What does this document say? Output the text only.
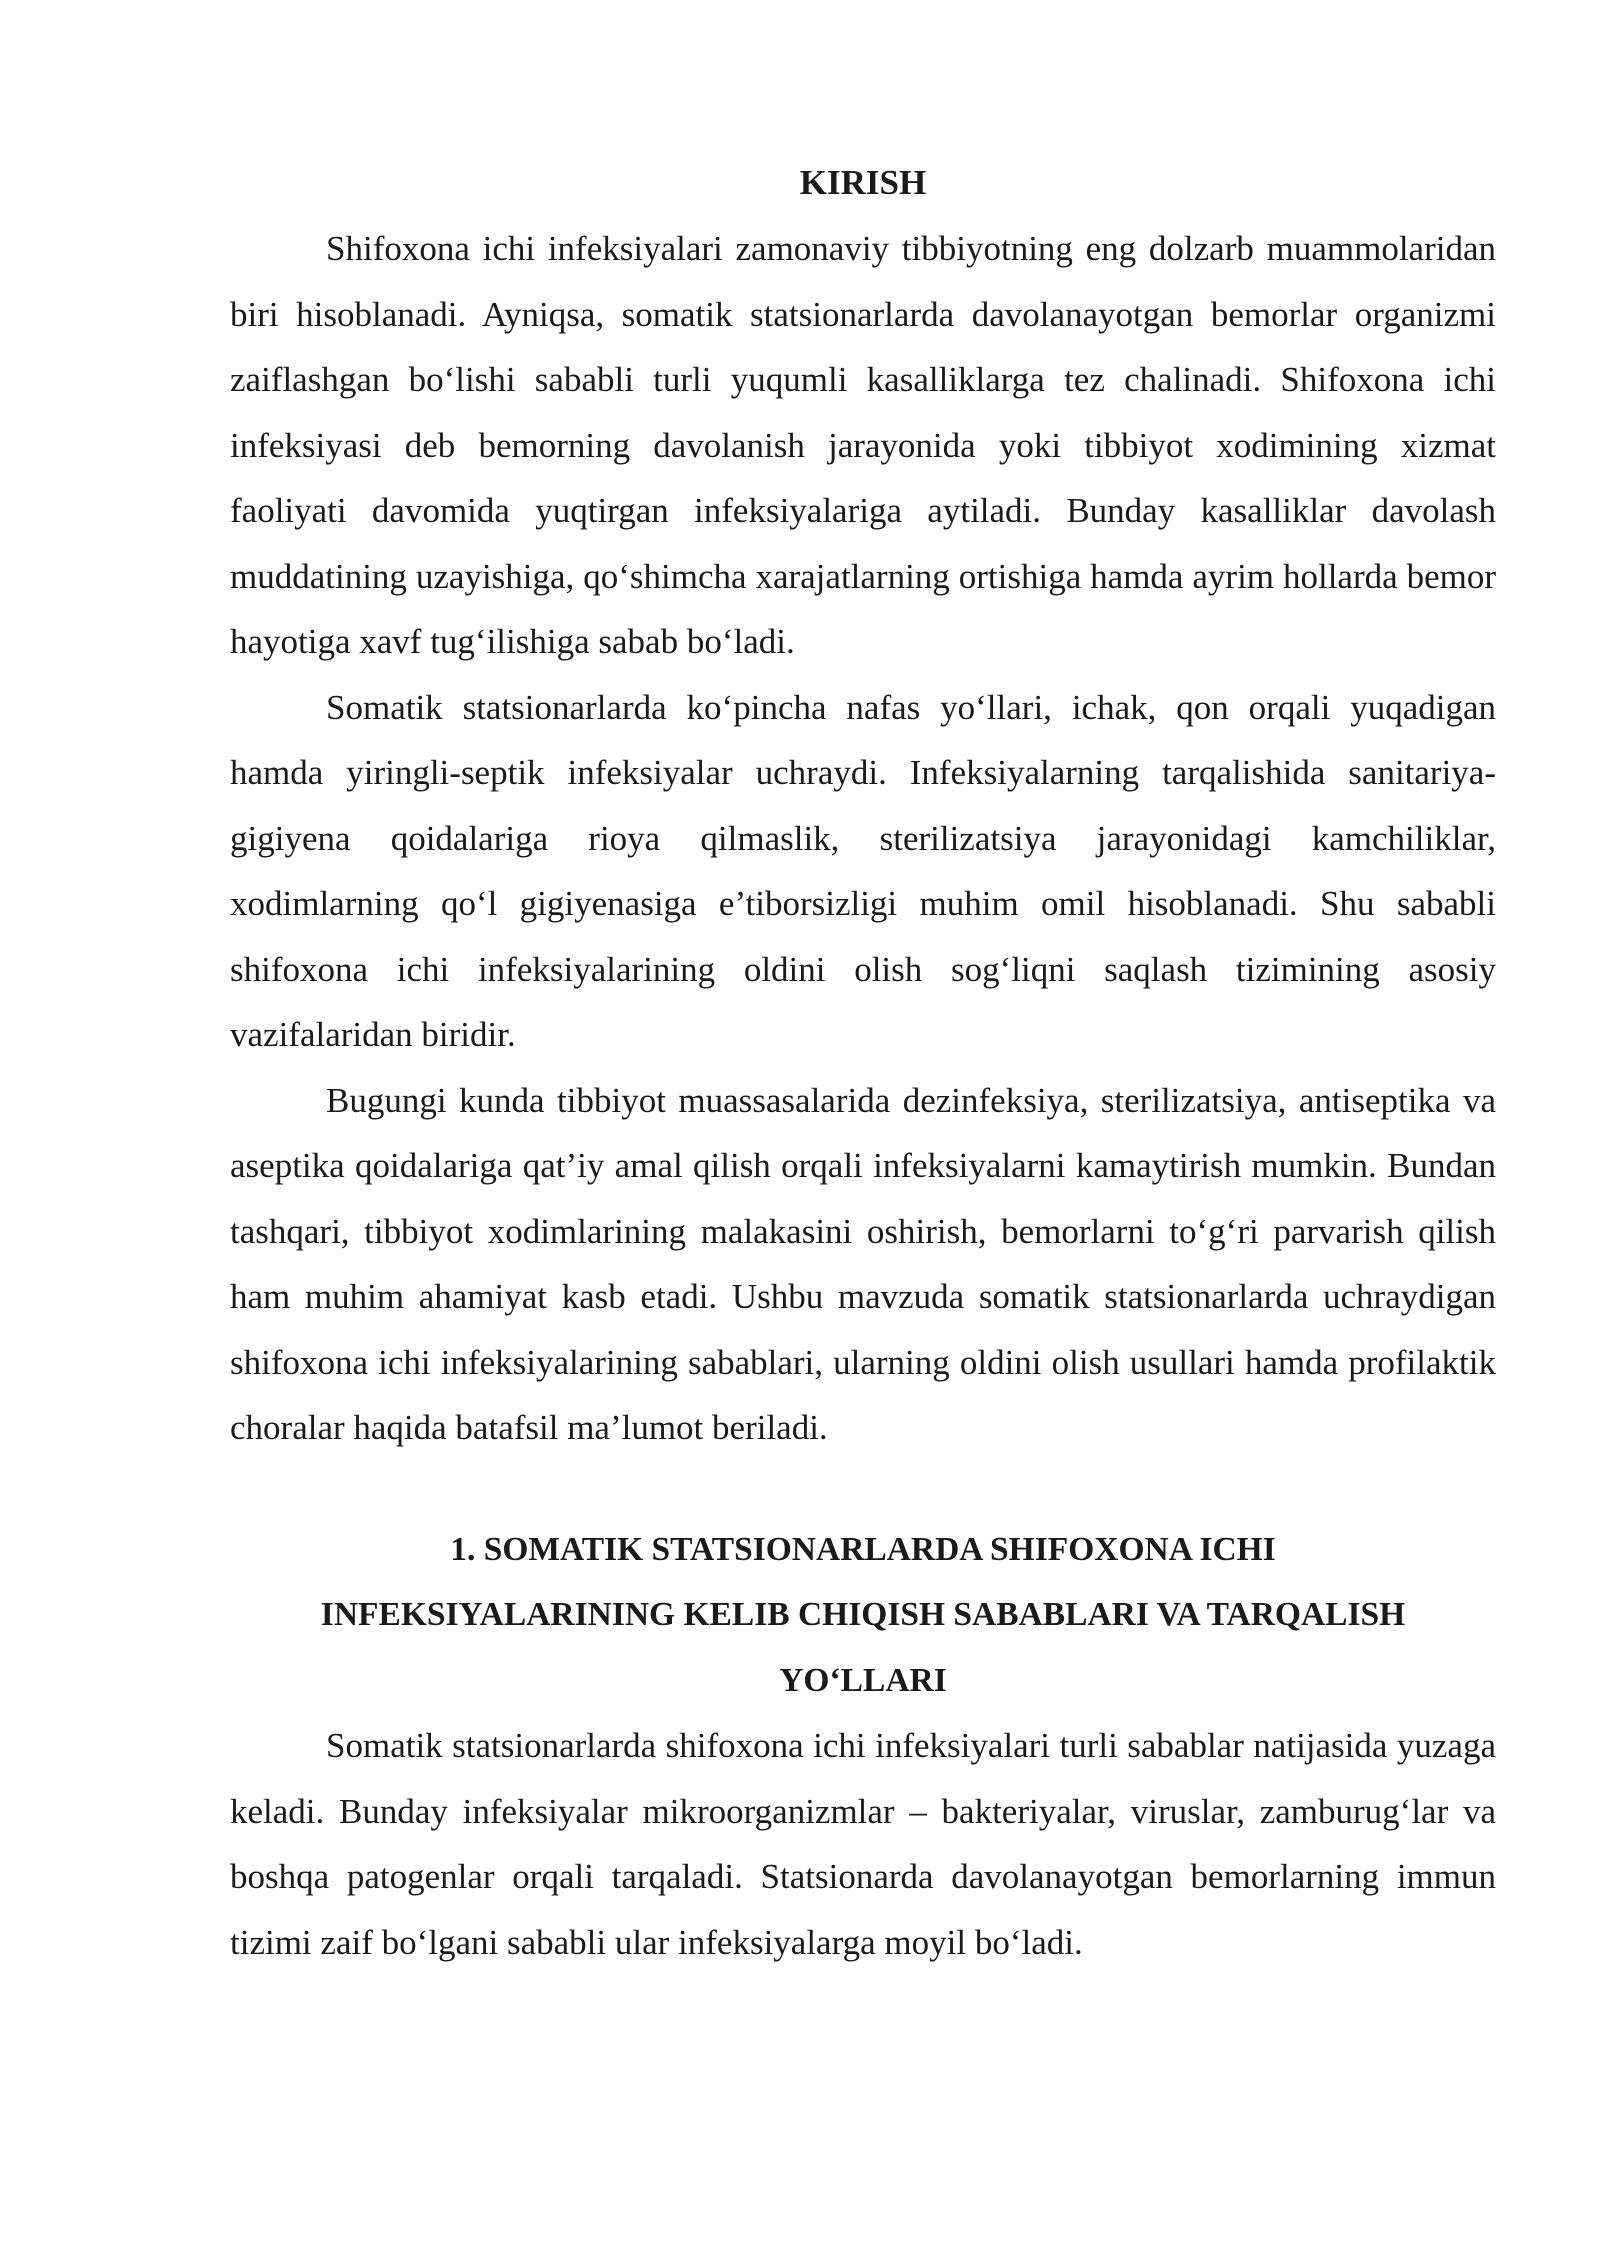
KIRISH

Shifoxona ichi infeksiyalari zamonaviy tibbiyotning eng dolzarb muammolaridan biri hisoblanadi. Ayniqsa, somatik statsionarlarda davolanayotgan bemorlar organizmi zaiflashgan bo‘lishi sababli turli yuqumli kasalliklarga tez chalinadi. Shifoxona ichi infeksiyasi deb bemorning davolanish jarayonida yoki tibbiyot xodimining xizmat faoliyati davomida yuqtirgan infeksiyalariga aytiladi. Bunday kasalliklar davolash muddatining uzayishiga, qo‘shimcha xarajatlarning ortishiga hamda ayrim hollarda bemor hayotiga xavf tug‘ilishiga sabab bo‘ladi.

Somatik statsionarlarda ko‘pincha nafas yo‘llari, ichak, qon orqali yuqadigan hamda yiringli-septik infeksiyalar uchraydi. Infeksiyalarning tarqalishida sanitariya-gigiyena qoidalariga rioya qilmaslik, sterilizatsiya jarayonidagi kamchiliklar, xodimlarning qo‘l gigiyenasiga e’tiborsizligi muhim omil hisoblanadi. Shu sababli shifoxona ichi infeksiyalarining oldini olish sog‘liqni saqlash tizimining asosiy vazifalaridan biridir.

Bugungi kunda tibbiyot muassasalarida dezinfeksiya, sterilizatsiya, antiseptika va aseptika qoidalariga qat’iy amal qilish orqali infeksiyalarni kamaytirish mumkin. Bundan tashqari, tibbiyot xodimlarining malakasini oshirish, bemorlarni to‘g‘ri parvarish qilish ham muhim ahamiyat kasb etadi. Ushbu mavzuda somatik statsionarlarda uchraydigan shifoxona ichi infeksiyalarining sabablari, ularning oldini olish usullari hamda profilaktik choralar haqida batafsil ma’lumot beriladi.

1. SOMATIK STATSIONARLARDA SHIFOXONA ICHI
INFEKSIYALARINING KELIB CHIQISH SABABLARI VA TARQALISH
YO‘LLARI

Somatik statsionarlarda shifoxona ichi infeksiyalari turli sabablar natijasida yuzaga keladi. Bunday infeksiyalar mikroorganizmlar – bakteriyalar, viruslar, zamburug‘lar va boshqa patogenlar orqali tarqaladi. Statsionarda davolanayotgan bemorlarning immun tizimi zaif bo‘lgani sababli ular infeksiyalarga moyil bo‘ladi.
